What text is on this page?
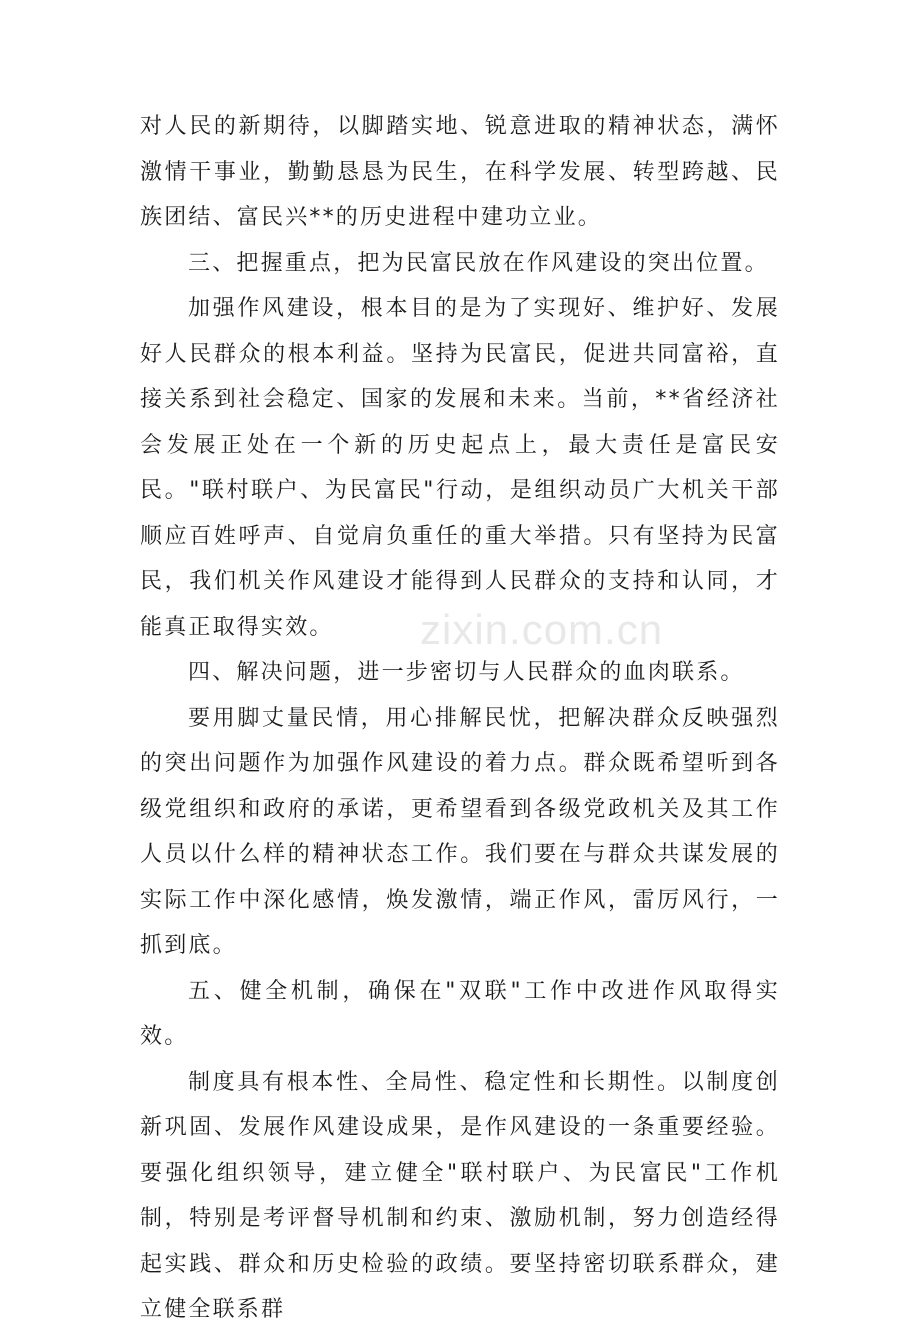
zixin.com.cn

对人民的新期待，以脚踏实地、锐意进取的精神状态，满怀激情干事业，勤勤恳恳为民生，在科学发展、转型跨越、民族团结、富民兴**的历史进程中建功立业。

三、把握重点，把为民富民放在作风建设的突出位置。

加强作风建设，根本目的是为了实现好、维护好、发展好人民群众的根本利益。坚持为民富民，促进共同富裕，直接关系到社会稳定、国家的发展和未来。当前，**省经济社会发展正处在一个新的历史起点上，最大责任是富民安民。"联村联户、为民富民"行动，是组织动员广大机关干部顺应百姓呼声、自觉肩负重任的重大举措。只有坚持为民富民，我们机关作风建设才能得到人民群众的支持和认同，才能真正取得实效。

四、解决问题，进一步密切与人民群众的血肉联系。

要用脚丈量民情，用心排解民忧，把解决群众反映强烈的突出问题作为加强作风建设的着力点。群众既希望听到各级党组织和政府的承诺，更希望看到各级党政机关及其工作人员以什么样的精神状态工作。我们要在与群众共谋发展的实际工作中深化感情，焕发激情，端正作风，雷厉风行，一抓到底。

五、健全机制，确保在"双联"工作中改进作风取得实效。

制度具有根本性、全局性、稳定性和长期性。以制度创新巩固、发展作风建设成果，是作风建设的一条重要经验。要强化组织领导，建立健全"联村联户、为民富民"工作机制，特别是考评督导机制和约束、激励机制，努力创造经得起实践、群众和历史检验的政绩。要坚持密切联系群众，建立健全联系群
